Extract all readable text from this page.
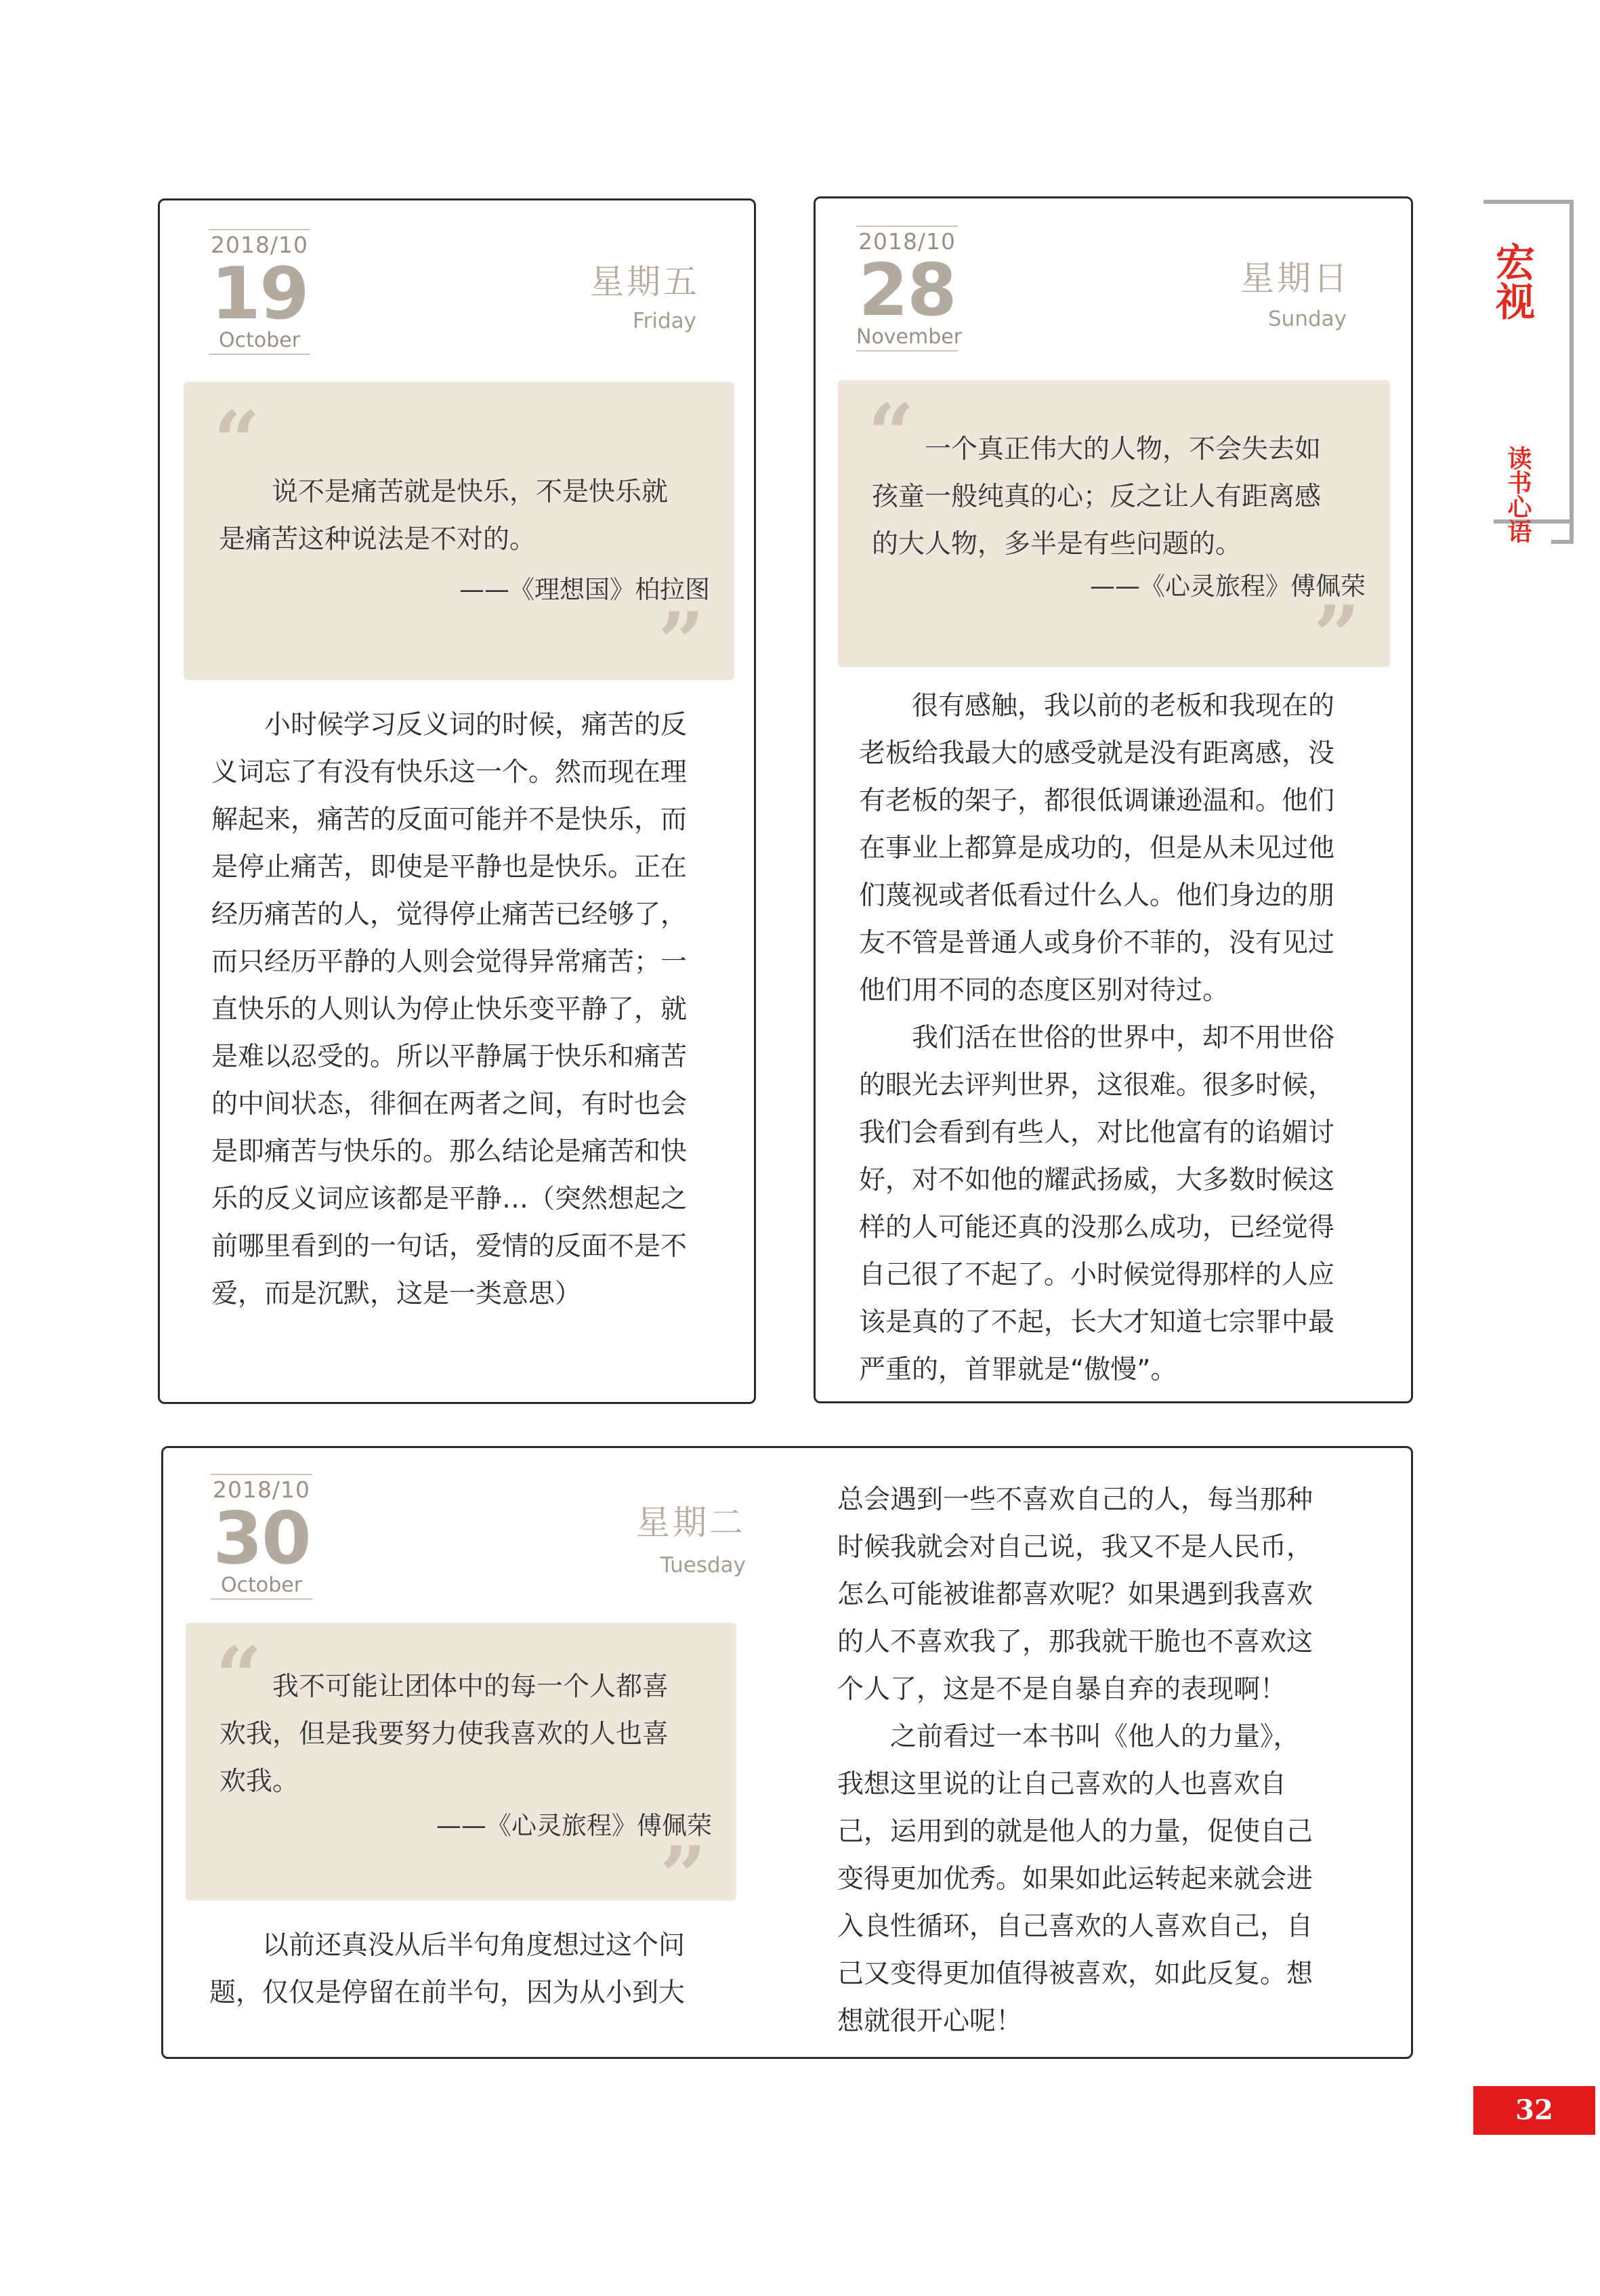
宏视
读书心语
2018/10
19
October
星期五
Friday
“
说不是痛苦就是快乐，不是快乐就
是痛苦这种说法是不对的。
——《理想国》柏拉图
”

小时候学习反义词的时候，痛苦的反

义词忘了有没有快乐这一个。然而现在理

解起来，痛苦的反面可能并不是快乐，而

是停止痛苦，即使是平静也是快乐。正在

经历痛苦的人，觉得停止痛苦已经够了，

而只经历平静的人则会觉得异常痛苦；一

直快乐的人则认为停止快乐变平静了，就

是难以忍受的。所以平静属于快乐和痛苦

的中间状态，徘徊在两者之间，有时也会

是即痛苦与快乐的。那么结论是痛苦和快

乐的反义词应该都是平静…（突然想起之

前哪里看到的一句话，爱情的反面不是不

爱，而是沉默，这是一类意思）

2018/10
28
November
星期日
Sunday
“ 一个真正伟大的人物，不会失去如
孩童一般纯真的心；反之让人有距离感
的大人物，多半是有些问题的。
——《心灵旅程》傅佩荣
”

很有感触，我以前的老板和我现在的

老板给我最大的感受就是没有距离感，没

有老板的架子，都很低调谦逊温和。他们

在事业上都算是成功的，但是从未见过他

们蔑视或者低看过什么人。他们身边的朋

友不管是普通人或身价不菲的，没有见过

他们用不同的态度区别对待过。

我们活在世俗的世界中，却不用世俗

的眼光去评判世界，这很难。很多时候，

我们会看到有些人，对比他富有的谄媚讨

好，对不如他的耀武扬威，大多数时候这

样的人可能还真的没那么成功，已经觉得

自己很了不起了。小时候觉得那样的人应

该是真的了不起，长大才知道七宗罪中最

严重的，首罪就是“傲慢”。

2018/10
30
October
星期二
Tuesday
“ 我不可能让团体中的每一个人都喜
欢我，但是我要努力使我喜欢的人也喜
欢我。
——《心灵旅程》傅佩荣
”

以前还真没从后半句角度想过这个问

题，仅仅是停留在前半句，因为从小到大

总会遇到一些不喜欢自己的人，每当那种

时候我就会对自己说，我又不是人民币，

怎么可能被谁都喜欢呢？如果遇到我喜欢

的人不喜欢我了，那我就干脆也不喜欢这

个人了，这是不是自暴自弃的表现啊！

之前看过一本书叫《他人的力量》，

我想这里说的让自己喜欢的人也喜欢自

己，运用到的就是他人的力量，促使自己

变得更加优秀。如果如此运转起来就会进

入良性循环，自己喜欢的人喜欢自己，自

己又变得更加值得被喜欢，如此反复。想

想就很开心呢！

32
